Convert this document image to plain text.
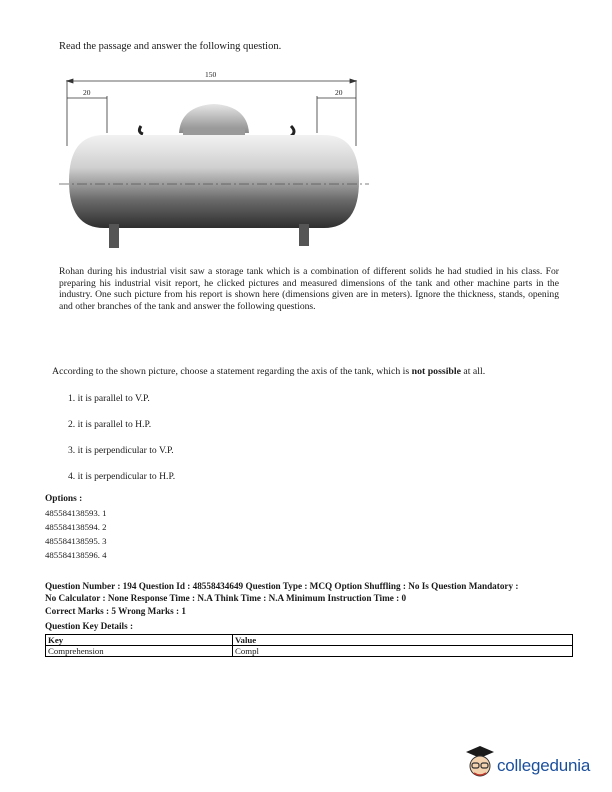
Read the passage and answer the following question.
150
20	20
Rohan during his industrial visit saw a storage tank which is a combination of different solids he had studied in his class. For preparing his industrial visit report, he clicked pictures and measured dimensions of the tank and other machine parts in the industry. One such picture from his report is shown here (dimensions given are in meters). Ignore the thickness, stands, opening and other branches of the tank and answer the following questions.
According to the shown picture, choose a statement regarding the axis of the tank, which is not possible at all.
1. it is parallel to V.P.
2. it is parallel to H.P.
3. it is perpendicular to V.P.
4. it is perpendicular to H.P.
Options :
485584138593. 1
485584138594. 2
485584138595. 3
485584138596. 4
Question Number : 194 Question Id : 48558434649 Question Type : MCQ Option Shuffling : No Is Question Mandatory :
No Calculator : None Response Time : N.A Think Time : N.A Minimum Instruction Time : 0
Correct Marks : 5 Wrong Marks : 1
Question Key Details :
Key	Value
Comprehension	Compl
collegedunia
